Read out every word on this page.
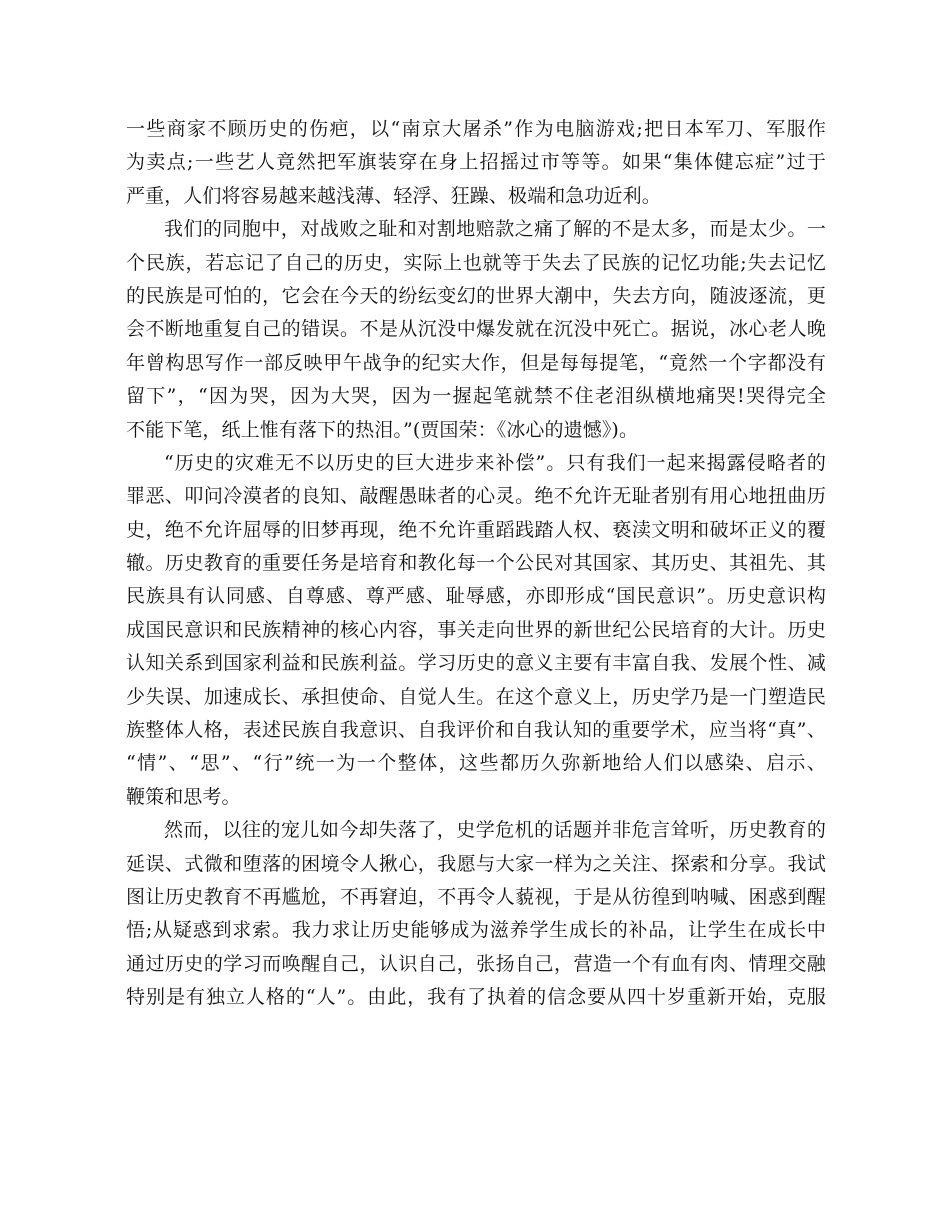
一些商家不顾历史的伤疤，以“南京大屠杀”作为电脑游戏;把日本军刀、军服作
为卖点;一些艺人竟然把军旗装穿在身上招摇过市等等。如果“集体健忘症”过于
严重，人们将容易越来越浅薄、轻浮、狂躁、极端和急功近利。
我们的同胞中，对战败之耻和对割地赔款之痛了解的不是太多，而是太少。一
个民族，若忘记了自己的历史，实际上也就等于失去了民族的记忆功能;失去记忆
的民族是可怕的，它会在今天的纷纭变幻的世界大潮中，失去方向，随波逐流，更
会不断地重复自己的错误。不是从沉没中爆发就在沉没中死亡。据说，冰心老人晚
年曾构思写作一部反映甲午战争的纪实大作，但是每每提笔，“竟然一个字都没有
留下”，“因为哭，因为大哭，因为一握起笔就禁不住老泪纵横地痛哭!哭得完全
不能下笔，纸上惟有落下的热泪。”(贾国荣：《冰心的遗憾》)。
“历史的灾难无不以历史的巨大进步来补偿”。只有我们一起来揭露侵略者的
罪恶、叩问冷漠者的良知、敲醒愚昧者的心灵。绝不允许无耻者别有用心地扭曲历
史，绝不允许屈辱的旧梦再现，绝不允许重蹈践踏人权、亵渎文明和破坏正义的覆
辙。历史教育的重要任务是培育和教化每一个公民对其国家、其历史、其祖先、其
民族具有认同感、自尊感、尊严感、耻辱感，亦即形成“国民意识”。历史意识构
成国民意识和民族精神的核心内容，事关走向世界的新世纪公民培育的大计。历史
认知关系到国家利益和民族利益。学习历史的意义主要有丰富自我、发展个性、减
少失误、加速成长、承担使命、自觉人生。在这个意义上，历史学乃是一门塑造民
族整体人格，表述民族自我意识、自我评价和自我认知的重要学术，应当将“真”、
“情”、“思”、“行”统一为一个整体，这些都历久弥新地给人们以感染、启示、
鞭策和思考。
然而，以往的宠儿如今却失落了，史学危机的话题并非危言耸听，历史教育的
延误、式微和堕落的困境令人揪心，我愿与大家一样为之关注、探索和分享。我试
图让历史教育不再尴尬，不再窘迫，不再令人藐视，于是从彷徨到呐喊、困惑到醒
悟;从疑惑到求索。我力求让历史能够成为滋养学生成长的补品，让学生在成长中
通过历史的学习而唤醒自己，认识自己，张扬自己，营造一个有血有肉、情理交融
特别是有独立人格的“人”。由此，我有了执着的信念要从四十岁重新开始，克服
